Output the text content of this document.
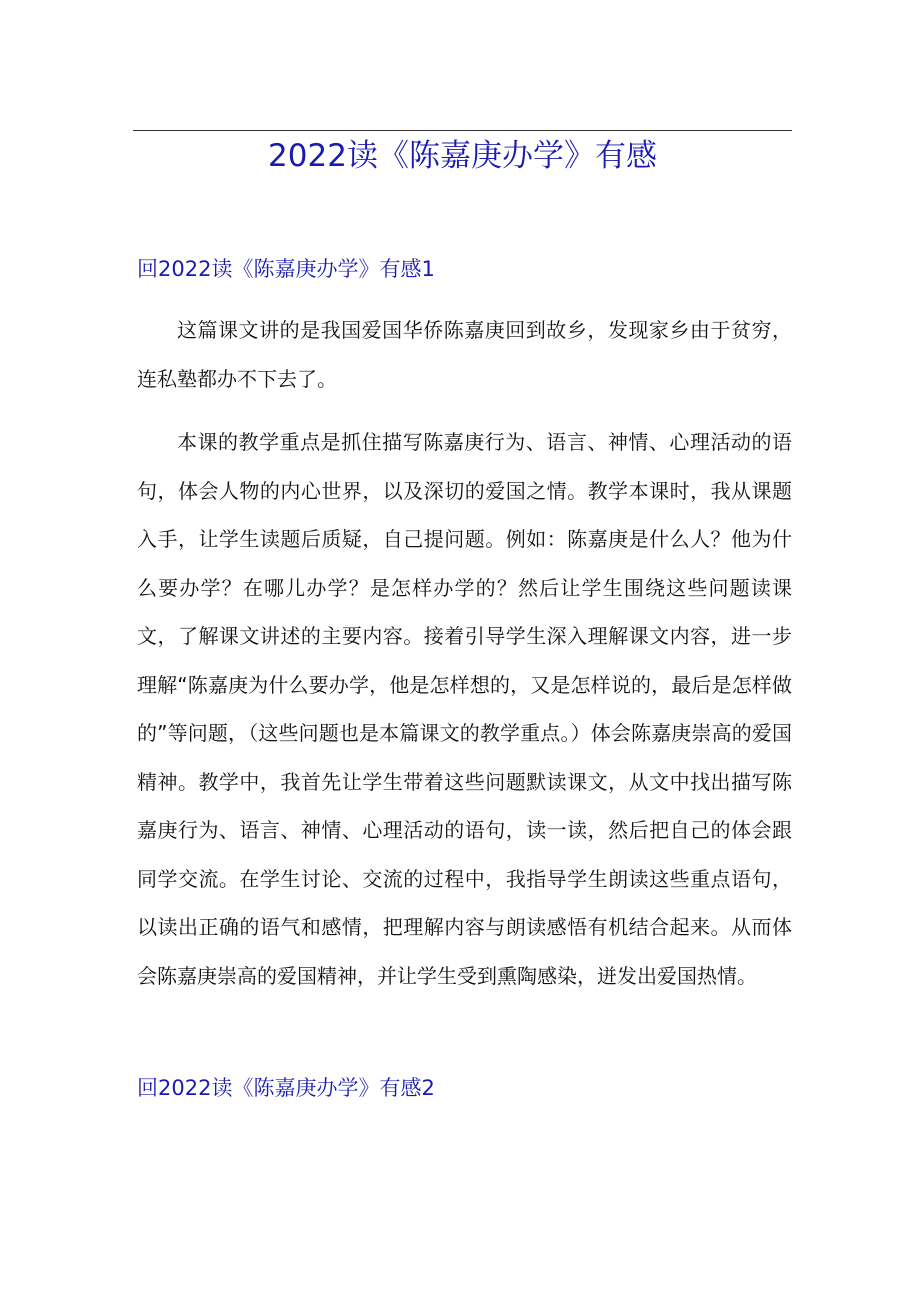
2022读《陈嘉庚办学》有感
回2022读《陈嘉庚办学》有感1

这篇课文讲的是我国爱国华侨陈嘉庚回到故乡，发现家乡由于贫穷，连私塾都办不下去了。

本课的教学重点是抓住描写陈嘉庚行为、语言、神情、心理活动的语句，体会人物的内心世界，以及深切的爱国之情。教学本课时，我从课题入手，让学生读题后质疑，自己提问题。例如：陈嘉庚是什么人？他为什么要办学？在哪儿办学？是怎样办学的？然后让学生围绕这些问题读课文，了解课文讲述的主要内容。接着引导学生深入理解课文内容，进一步理解“陈嘉庚为什么要办学，他是怎样想的，又是怎样说的，最后是怎样做的”等问题，（这些问题也是本篇课文的教学重点。）体会陈嘉庚崇高的爱国精神。教学中，我首先让学生带着这些问题默读课文，从文中找出描写陈嘉庚行为、语言、神情、心理活动的语句，读一读，然后把自己的体会跟同学交流。在学生讨论、交流的过程中，我指导学生朗读这些重点语句，以读出正确的语气和感情，把理解内容与朗读感悟有机结合起来。从而体会陈嘉庚崇高的爱国精神，并让学生受到熏陶感染，迸发出爱国热情。

回2022读《陈嘉庚办学》有感2
